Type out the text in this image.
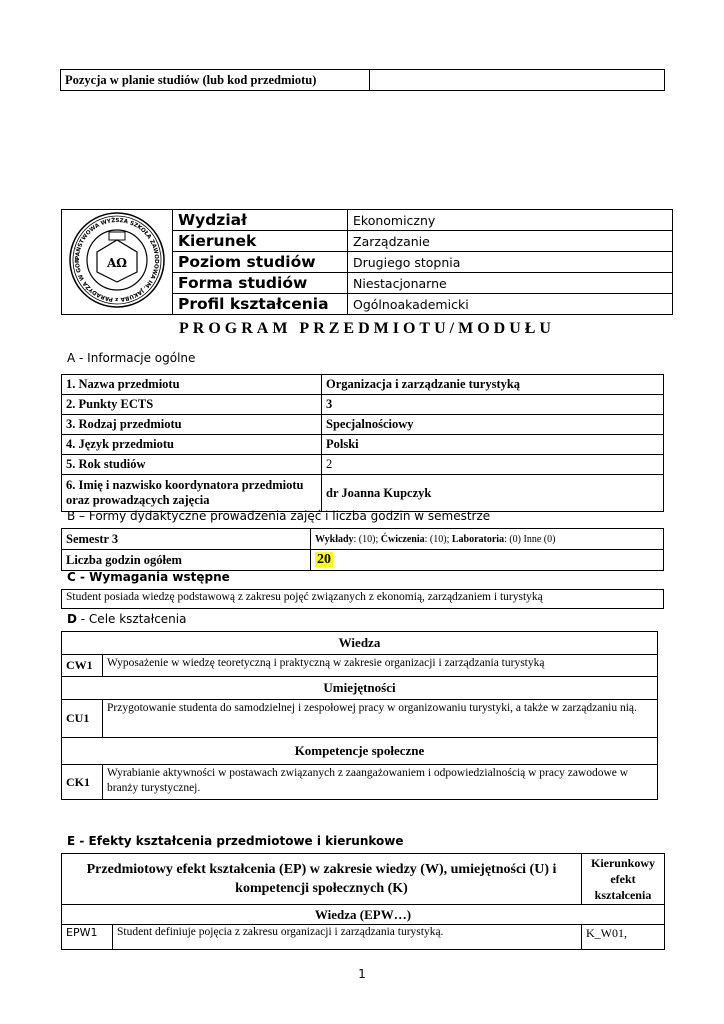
Pozycja w planie studiów (lub kod przedmiotu)	
PAŃSTWOWA WYŻSZA SZKOŁA ZAWODOWA IM. JAKUBA z PARADYŻA W GOR AΩ	Wydział	Ekonomiczny
	Kierunek	Zarządzanie
	Poziom studiów	Drugiego stopnia
	Forma studiów	Niestacjonarne
	Profil kształcenia	Ogólnoakademicki
PROGRAM PRZEDMIOTU/MODUŁU
A - Informacje ogólne
1. Nazwa przedmiotu	Organizacja i zarządzanie turystyką
2. Punkty ECTS	3
3. Rodzaj przedmiotu	Specjalnościowy
4. Język przedmiotu	Polski
5. Rok studiów	2
6. Imię i nazwisko koordynatora przedmiotu oraz prowadzących zajęcia	dr Joanna Kupczyk
B – Formy dydaktyczne prowadzenia zajęć i liczba godzin w semestrze
Semestr 3	Wykłady: (10); Ćwiczenia: (10); Laboratoria: (0) Inne (0)
Liczba godzin ogółem	20
C - Wymagania wstępne
Student posiada wiedzę podstawową z zakresu pojęć związanych z ekonomią, zarządzaniem i turystyką
D - Cele kształcenia
Wiedza	
CW1	Wyposażenie w wiedzę teoretyczną i praktyczną w zakresie organizacji i zarządzania turystyką
Umiejętności	
CU1	Przygotowanie studenta do samodzielnej i zespołowej pracy w organizowaniu turystyki, a także w zarządzaniu nią.
Kompetencje społeczne	
CK1	Wyrabianie aktywności w postawach związanych z zaangażowaniem i odpowiedzialnością w pracy zawodowe w branży turystycznej.
E - Efekty kształcenia przedmiotowe i kierunkowe
Przedmiotowy efekt kształcenia (EP) w zakresie wiedzy (W), umiejętności (U) i kompetencji społecznych (K)		Kierunkowy efekt kształcenia
Wiedza (EPW…)		
EPW1	Student definiuje pojęcia z zakresu organizacji i zarządzania turystyką.	K_W01,
1
